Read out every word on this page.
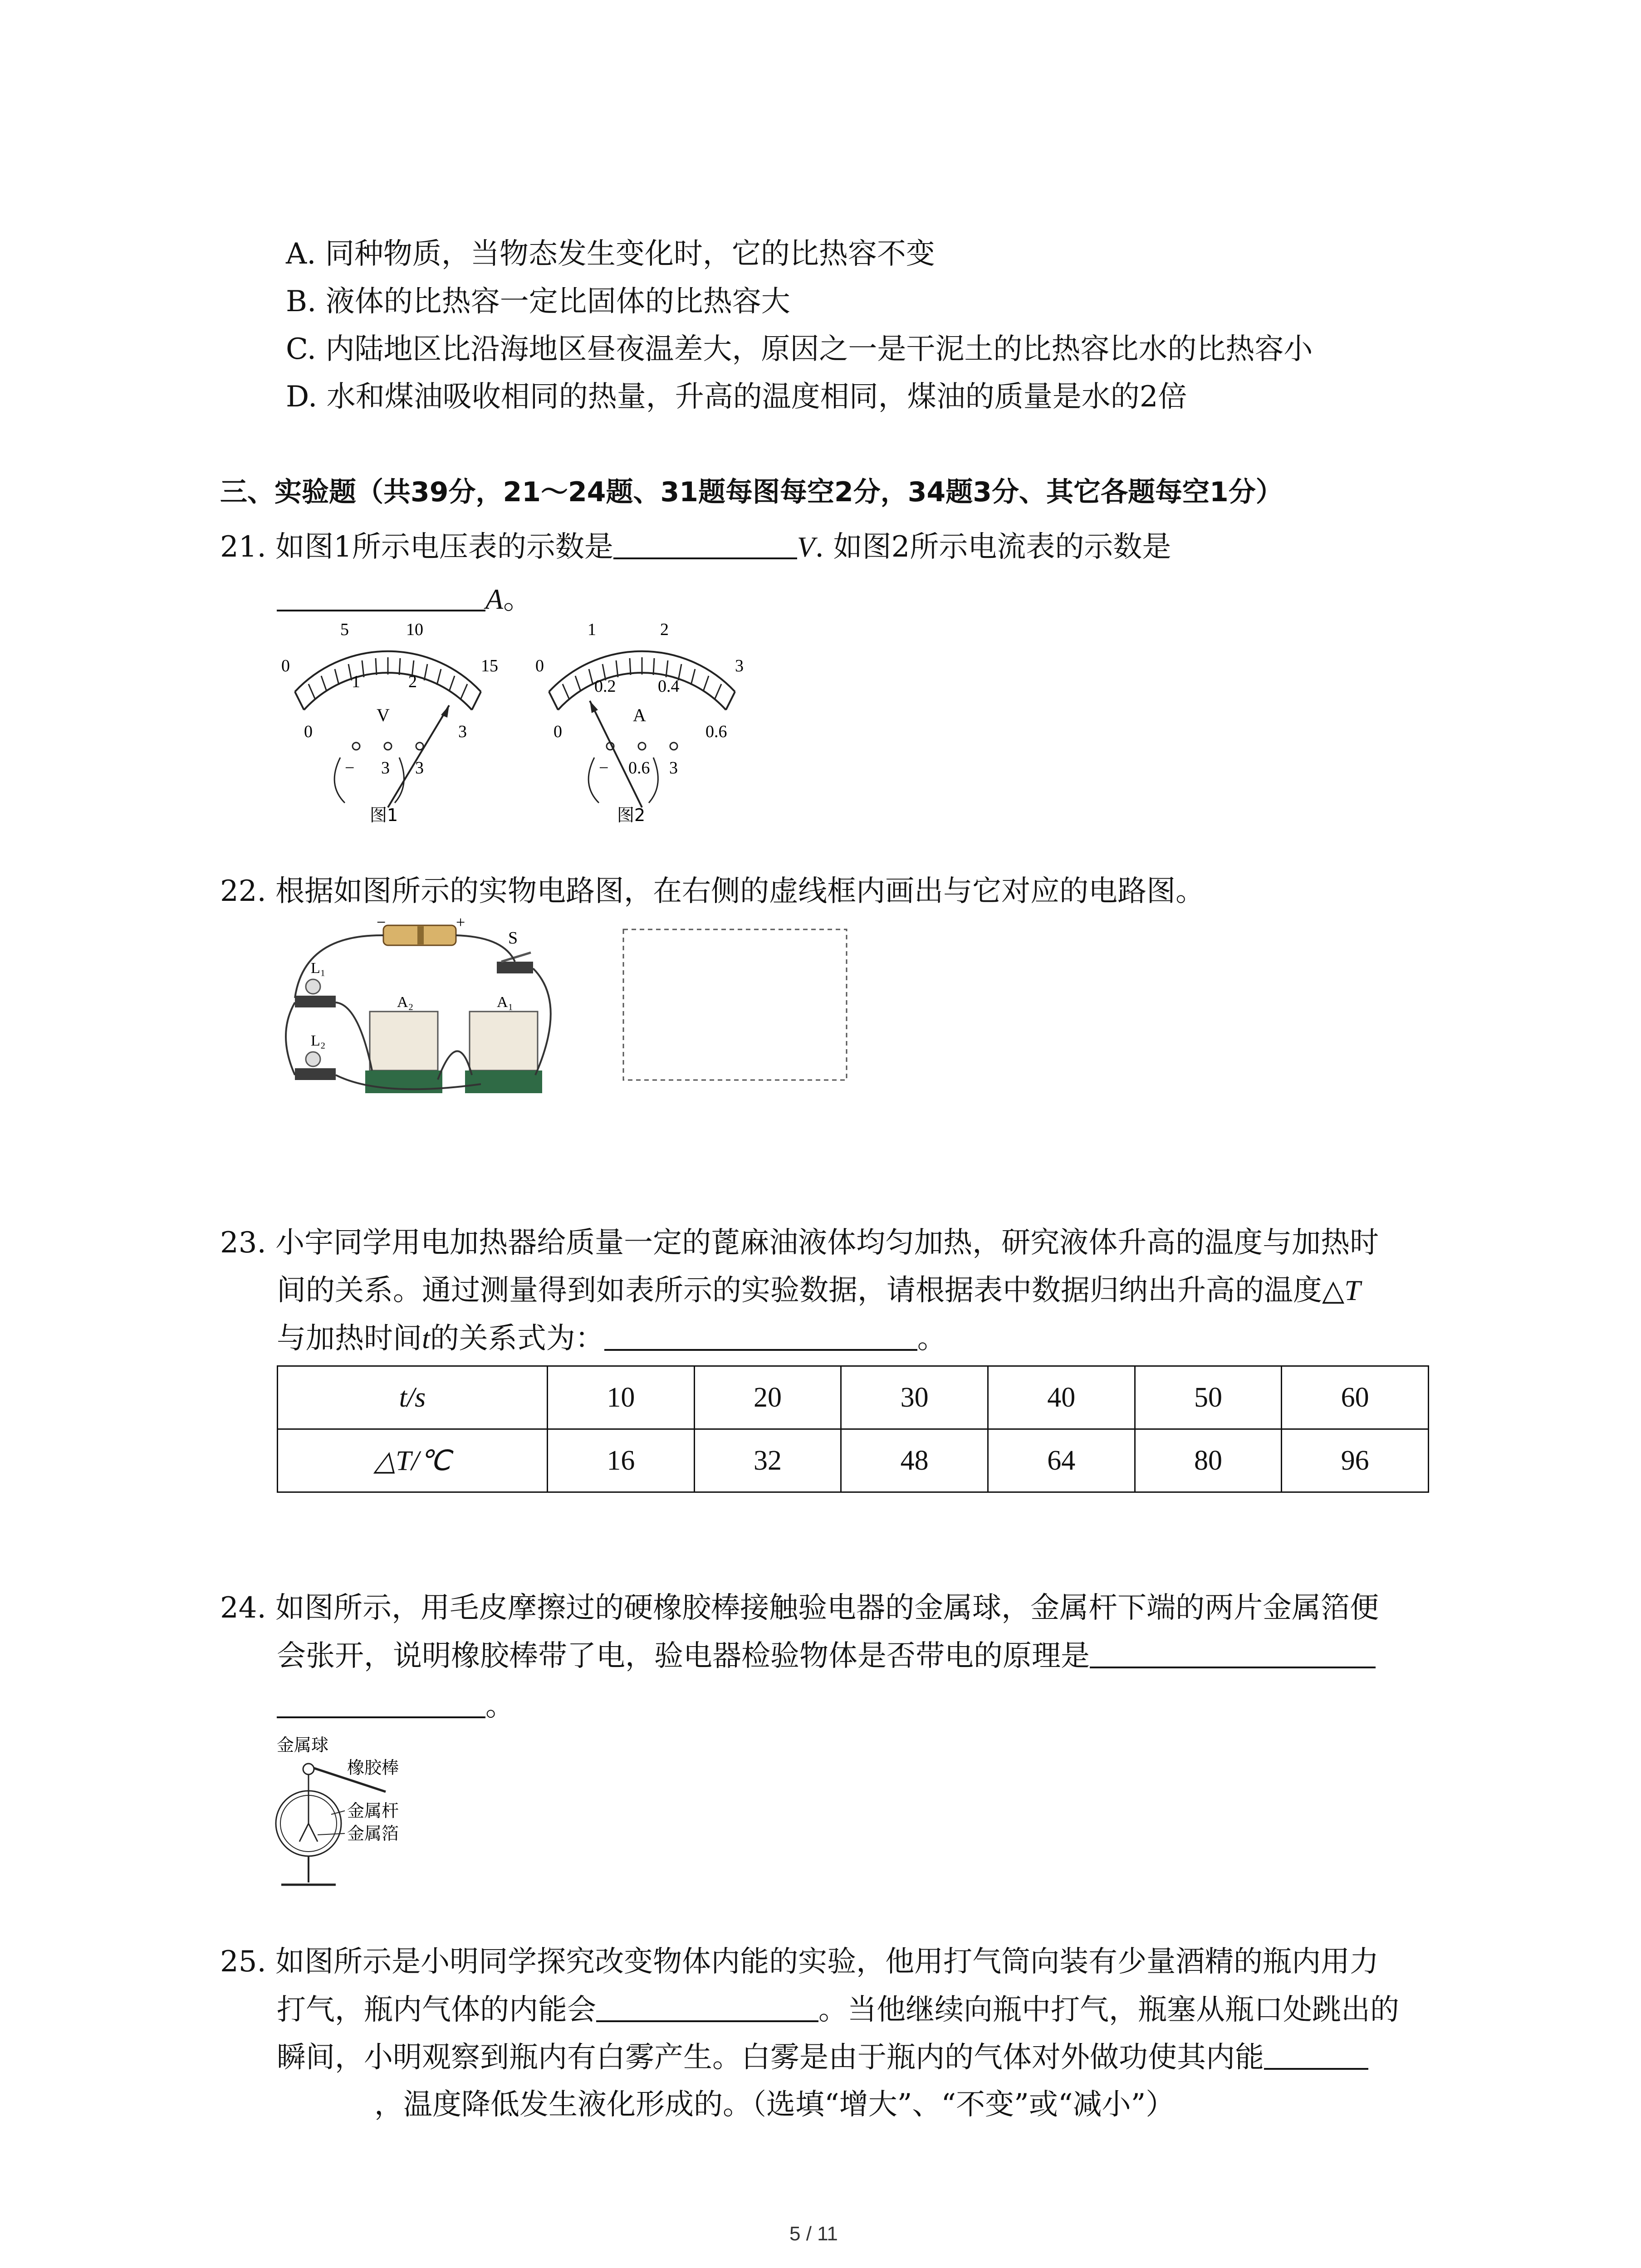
A. 同种物质，当物态发生变化时，它的比热容不变
B. 液体的比热容一定比固体的比热容大
C. 内陆地区比沿海地区昼夜温差大，原因之一是干泥土的比热容比水的比热容小
D. 水和煤油吸收相同的热量，升高的温度相同，煤油的质量是水的2倍
三、实验题（共39分，21～24题、31题每图每空2分，34题3分、其它各题每空1分）
21. 如图1所示电压表的示数是	V. 如图2所示电流表的示数是
A。
0
5	10
15
0
1	2
3
V
− 3 3
图1
0
1	2
3
0
0.2 0.4
0.6
A
− 0.6 3
图2
22. 根据如图所示的实物电路图，在右侧的虚线框内画出与它对应的电路图。
−	+
S
L₁
L₂
A₂	A₁
23. 小宇同学用电加热器给质量一定的蓖麻油液体均匀加热，研究液体升高的温度与加热时
间的关系。通过测量得到如表所示的实验数据，请根据表中数据归纳出升高的温度△T
与加热时间t的关系式为：	。
t/s	10	20	30	40	50	60
△T/℃	16	32	48	64	80	96
24. 如图所示，用毛皮摩擦过的硬橡胶棒接触验电器的金属球，金属杆下端的两片金属箔便
会张开，说明橡胶棒带了电，验电器检验物体是否带电的原理是
。
金属球
橡胶棒
金属杆
金属箔
25. 如图所示是小明同学探究改变物体内能的实验，他用打气筒向装有少量酒精的瓶内用力
打气，瓶内气体的内能会	。当他继续向瓶中打气，瓶塞从瓶口处跳出的
瞬间，小明观察到瓶内有白雾产生。白雾是由于瓶内的气体对外做功使其内能
，温度降低发生液化形成的。（选填“增大”、“不变”或“减小”）
5 / 11
